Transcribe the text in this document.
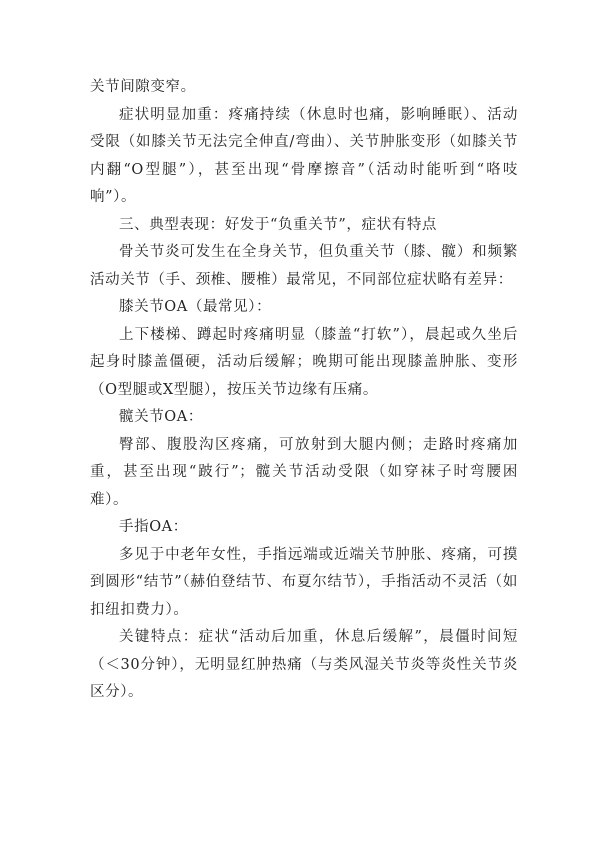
关节间隙变窄。

症状明显加重：疼痛持续（休息时也痛，影响睡眠）、活动受限（如膝关节无法完全伸直/弯曲）、关节肿胀变形（如膝关节内翻“O型腿”），甚至出现“骨摩擦音”（活动时能听到“咯吱响”）。

三、典型表现：好发于“负重关节”，症状有特点

骨关节炎可发生在全身关节，但负重关节（膝、髋）和频繁活动关节（手、颈椎、腰椎）最常见，不同部位症状略有差异：

膝关节OA（最常见）：

上下楼梯、蹲起时疼痛明显（膝盖“打软”），晨起或久坐后起身时膝盖僵硬，活动后缓解；晚期可能出现膝盖肿胀、变形（O型腿或X型腿），按压关节边缘有压痛。

髋关节OA：

臀部、腹股沟区疼痛，可放射到大腿内侧；走路时疼痛加重，甚至出现“跛行”；髋关节活动受限（如穿袜子时弯腰困难）。

手指OA：

多见于中老年女性，手指远端或近端关节肿胀、疼痛，可摸到圆形“结节”（赫伯登结节、布夏尔结节），手指活动不灵活（如扣纽扣费力）。

关键特点：症状“活动后加重，休息后缓解”，晨僵时间短（＜30分钟），无明显红肿热痛（与类风湿关节炎等炎性关节炎区分）。
